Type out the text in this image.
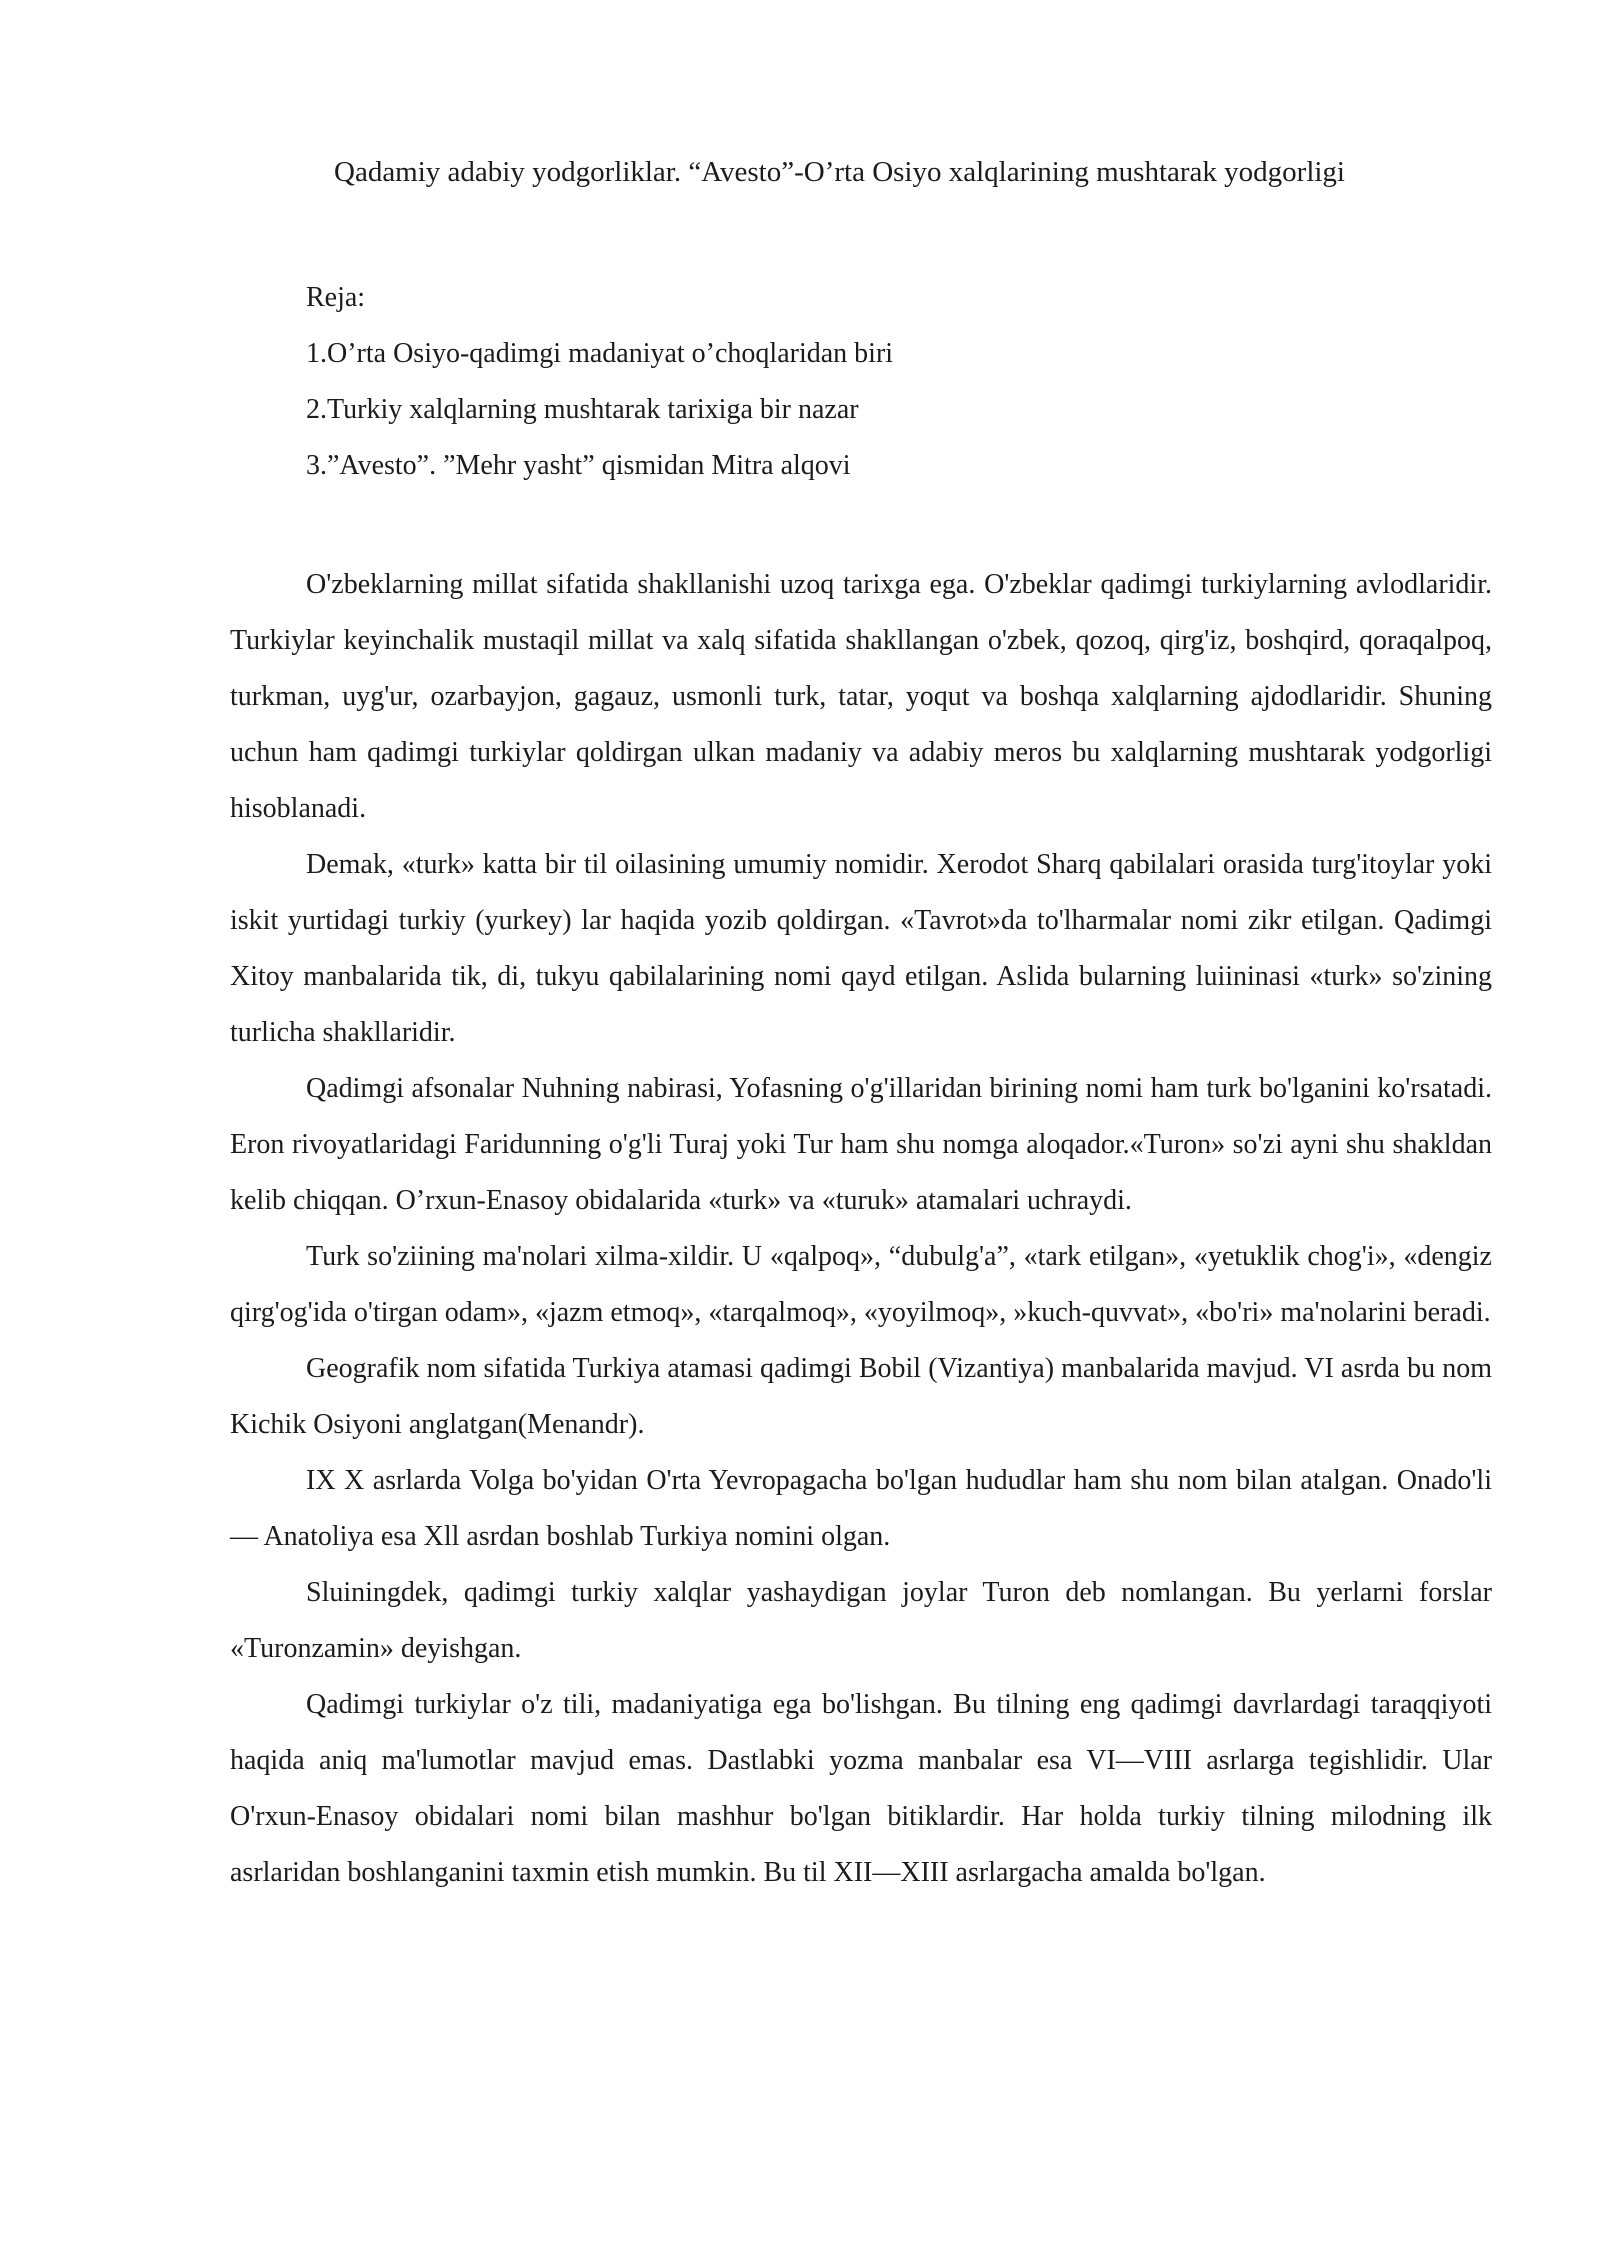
Qadamiy adabiy yodgorliklar. “Avesto”-O’rta Osiyo xalqlarining mushtarak yodgorligi
Reja:
1.O’rta Osiyo-qadimgi madaniyat o’choqlaridan biri
2.Turkiy xalqlarning mushtarak tarixiga bir nazar
3.”Avesto”. ”Mehr yasht” qismidan Mitra alqovi

O'zbeklarning millat sifatida shakllanishi uzoq tarixga ega. O'zbeklar qadimgi turkiylarning avlodlaridir. Turkiylar keyinchalik mustaqil millat va xalq sifatida shakllangan o'zbek, qozoq, qirg'iz, boshqird, qoraqalpoq, turkman, uyg'ur, ozarbayjon, gagauz, usmonli turk, tatar, yoqut va boshqa xalqlarning ajdodlaridir. Shuning uchun ham qadimgi turkiylar qoldirgan ulkan madaniy va adabiy meros bu xalqlarning mushtarak yodgorligi hisoblanadi.

Demak, «turk» katta bir til oilasining umumiy nomidir. Xerodot Sharq qabilalari orasida turg'itoylar yoki iskit yurtidagi turkiy (yurkey) lar haqida yozib qoldirgan. «Tavrot»da to'lharmalar nomi zikr etilgan. Qadimgi Xitoy manbalarida tik, di, tukyu qabilalarining nomi qayd etilgan. Aslida bularning luiininasi «turk» so'zining turlicha shakllaridir.

Qadimgi afsonalar Nuhning nabirasi, Yofasning o'g'illaridan birining nomi ham turk bo'lganini ko'rsatadi. Eron rivoyatlaridagi Faridunning o'g'li Turaj yoki Tur ham shu nomga aloqador.«Turon» so'zi ayni shu shakldan kelib chiqqan. O’rxun-Enasoy obidalarida «turk» va «turuk» atamalari uchraydi.

Turk so'ziining ma'nolari xilma-xildir. U «qalpoq», “dubulg'a”, «tark etilgan», «yetuklik chog'i», «dengiz qirg'og'ida o'tirgan odam», «jazm etmoq», «tarqalmoq», «yoyilmoq», »kuch-quvvat», «bo'ri» ma'nolarini beradi.

Geografik nom sifatida Turkiya atamasi qadimgi Bobil (Vizantiya) manbalarida mavjud. VI asrda bu nom Kichik Osiyoni anglatgan(Menandr).

IX X asrlarda Volga bo'yidan O'rta Yevropagacha bo'lgan hududlar ham shu nom bilan atalgan. Onado'li — Anatoliya esa Xll asrdan boshlab Turkiya nomini olgan.

Sluiningdek, qadimgi turkiy xalqlar yashaydigan joylar Turon deb nomlangan. Bu yerlarni forslar «Turonzamin» deyishgan.

Qadimgi turkiylar o'z tili, madaniyatiga ega bo'lishgan. Bu tilning eng qadimgi davrlardagi taraqqiyoti haqida aniq ma'lumotlar mavjud emas. Dastlabki yozma manbalar esa VI—VIII asrlarga tegishlidir. Ular O'rxun-Enasoy obidalari nomi bilan mashhur bo'lgan bitiklardir. Har holda turkiy tilning milodning ilk asrlaridan boshlanganini taxmin etish mumkin. Bu til XII—XIII asrlargacha amalda bo'lgan.
